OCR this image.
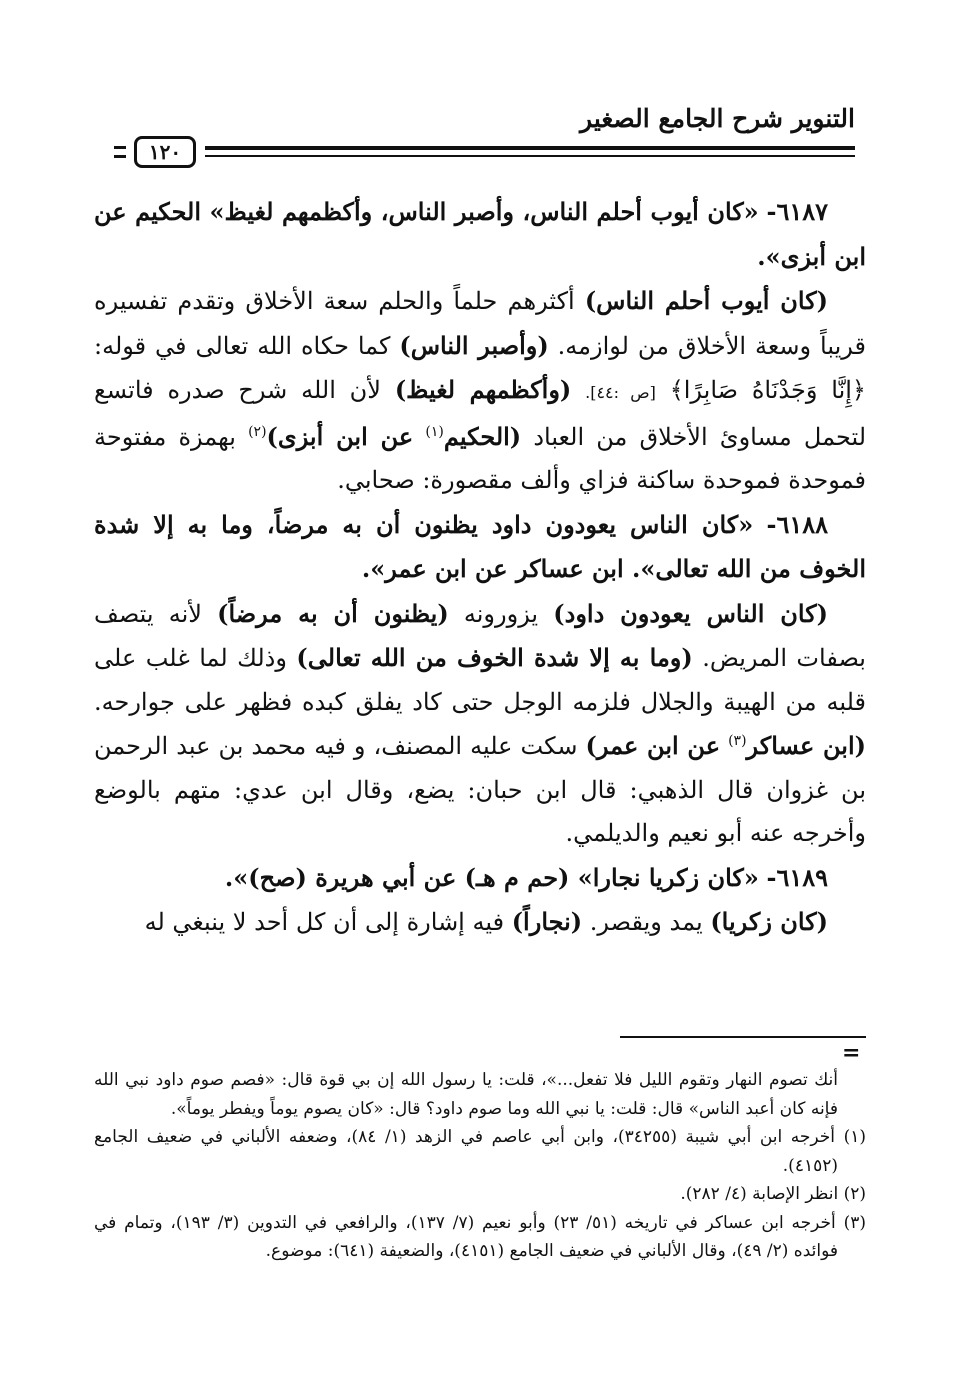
التنوير شرح الجامع الصغير
١٢٠

٦١٨٧- «كان أيوب أحلم الناس، وأصبر الناس، وأكظمهم لغيظ» الحكيم عن ابن أبزى».

(كان أيوب أحلم الناس) أكثرهم حلماً والحلم سعة الأخلاق وتقدم تفسيره قريباً وسعة الأخلاق من لوازمه. (وأصبر الناس) كما حكاه الله تعالى في قوله: ﴿إِنَّا وَجَدْنَاهُ صَابِرًا﴾ [ص :٤٤]. (وأكظمهم لغيظ) لأن الله شرح صدره فاتسع لتحمل مساوئ الأخلاق من العباد (الحكيم$^{(١)}$ عن ابن أبزى)$^{(٢)}$ بهمزة مفتوحة فموحدة فموحدة ساكنة فزاي وألف مقصورة: صحابي.

٦١٨٨- «كان الناس يعودون داود يظنون أن به مرضاً، وما به إلا شدة الخوف من الله تعالى». ابن عساكر عن ابن عمر».

(كان الناس يعودون داود) يزورونه (يظنون أن به مرضاً) لأنه يتصف بصفات المريض. (وما به إلا شدة الخوف من الله تعالى) وذلك لما غلب على قلبه من الهيبة والجلال فلزمه الوجل حتى كاد يفلق كبده فظهر على جوارحه. (ابن عساكر$^{(٣)}$ عن ابن عمر) سكت عليه المصنف، و فيه محمد بن عبد الرحمن بن غزوان قال الذهبي: قال ابن حبان: يضع، وقال ابن عدي: متهم بالوضع وأخرجه عنه أبو نعيم والديلمي.

٦١٨٩- «كان زكريا نجارا» (حم م هـ) عن أبي هريرة (صح)».

(كان زكريا) يمد ويقصر. (نجاراً) فيه إشارة إلى أن كل أحد لا ينبغي له

=

أنك تصوم النهار وتقوم الليل فلا تفعل...»، قلت: يا رسول الله إن بي قوة قال: «فصم صوم داود نبي الله فإنه كان أعبد الناس» قال: قلت: يا نبي الله وما صوم داود؟ قال: «كان يصوم يوماً ويفطر يوماً».

(١) أخرجه ابن أبي شيبة (٣٤٢٥٥)، وابن أبي عاصم في الزهد (١/ ٨٤)، وضعفه الألباني في ضعيف الجامع (٤١٥٢).

(٢) انظر الإصابة (٤/ ٢٨٢).

(٣) أخرجه ابن عساكر في تاريخه (٥١/ ٢٣) وأبو نعيم (٧/ ١٣٧)، والرافعي في التدوين (٣/ ١٩٣)، وتمام في فوائده (٢/ ٤٩)، وقال الألباني في ضعيف الجامع (٤١٥١)، والضعيفة (٦٤١): موضوع.
